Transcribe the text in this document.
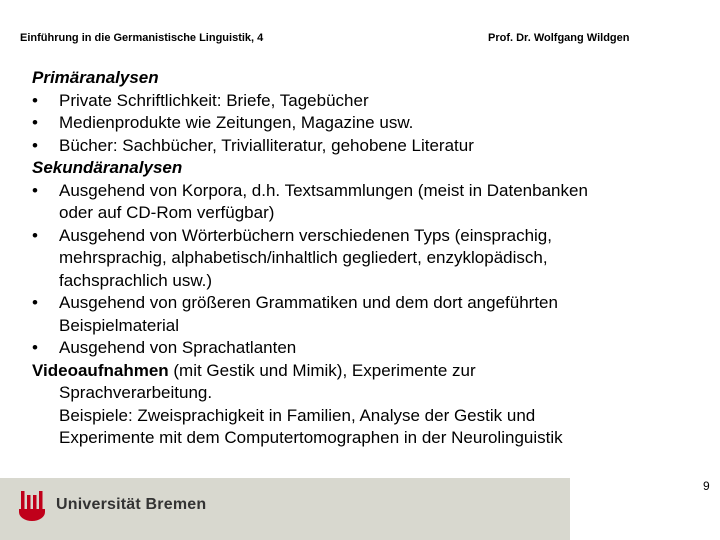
Einführung in die Germanistische Linguistik, 4	Prof. Dr. Wolfgang Wildgen
Primäranalysen
• Private Schriftlichkeit: Briefe, Tagebücher
• Medienprodukte wie Zeitungen, Magazine usw.
• Bücher: Sachbücher, Trivialliteratur, gehobene Literatur
Sekundäranalysen
• Ausgehend von Korpora, d.h. Textsammlungen (meist in Datenbanken
oder auf CD-Rom verfügbar)
• Ausgehend von Wörterbüchern verschiedenen Typs (einsprachig,
mehrsprachig, alphabetisch/inhaltlich gegliedert, enzyklopädisch,
fachsprachlich usw.)
• Ausgehend von größeren Grammatiken und dem dort angeführten
Beispielmaterial
• Ausgehend von Sprachatlanten
Videoaufnahmen (mit Gestik und Mimik), Experimente zur
Sprachverarbeitung.
Beispiele: Zweisprachigkeit in Familien, Analyse der Gestik und
Experimente mit dem Computertomographen in der Neurolinguistik
9
Universität Bremen
